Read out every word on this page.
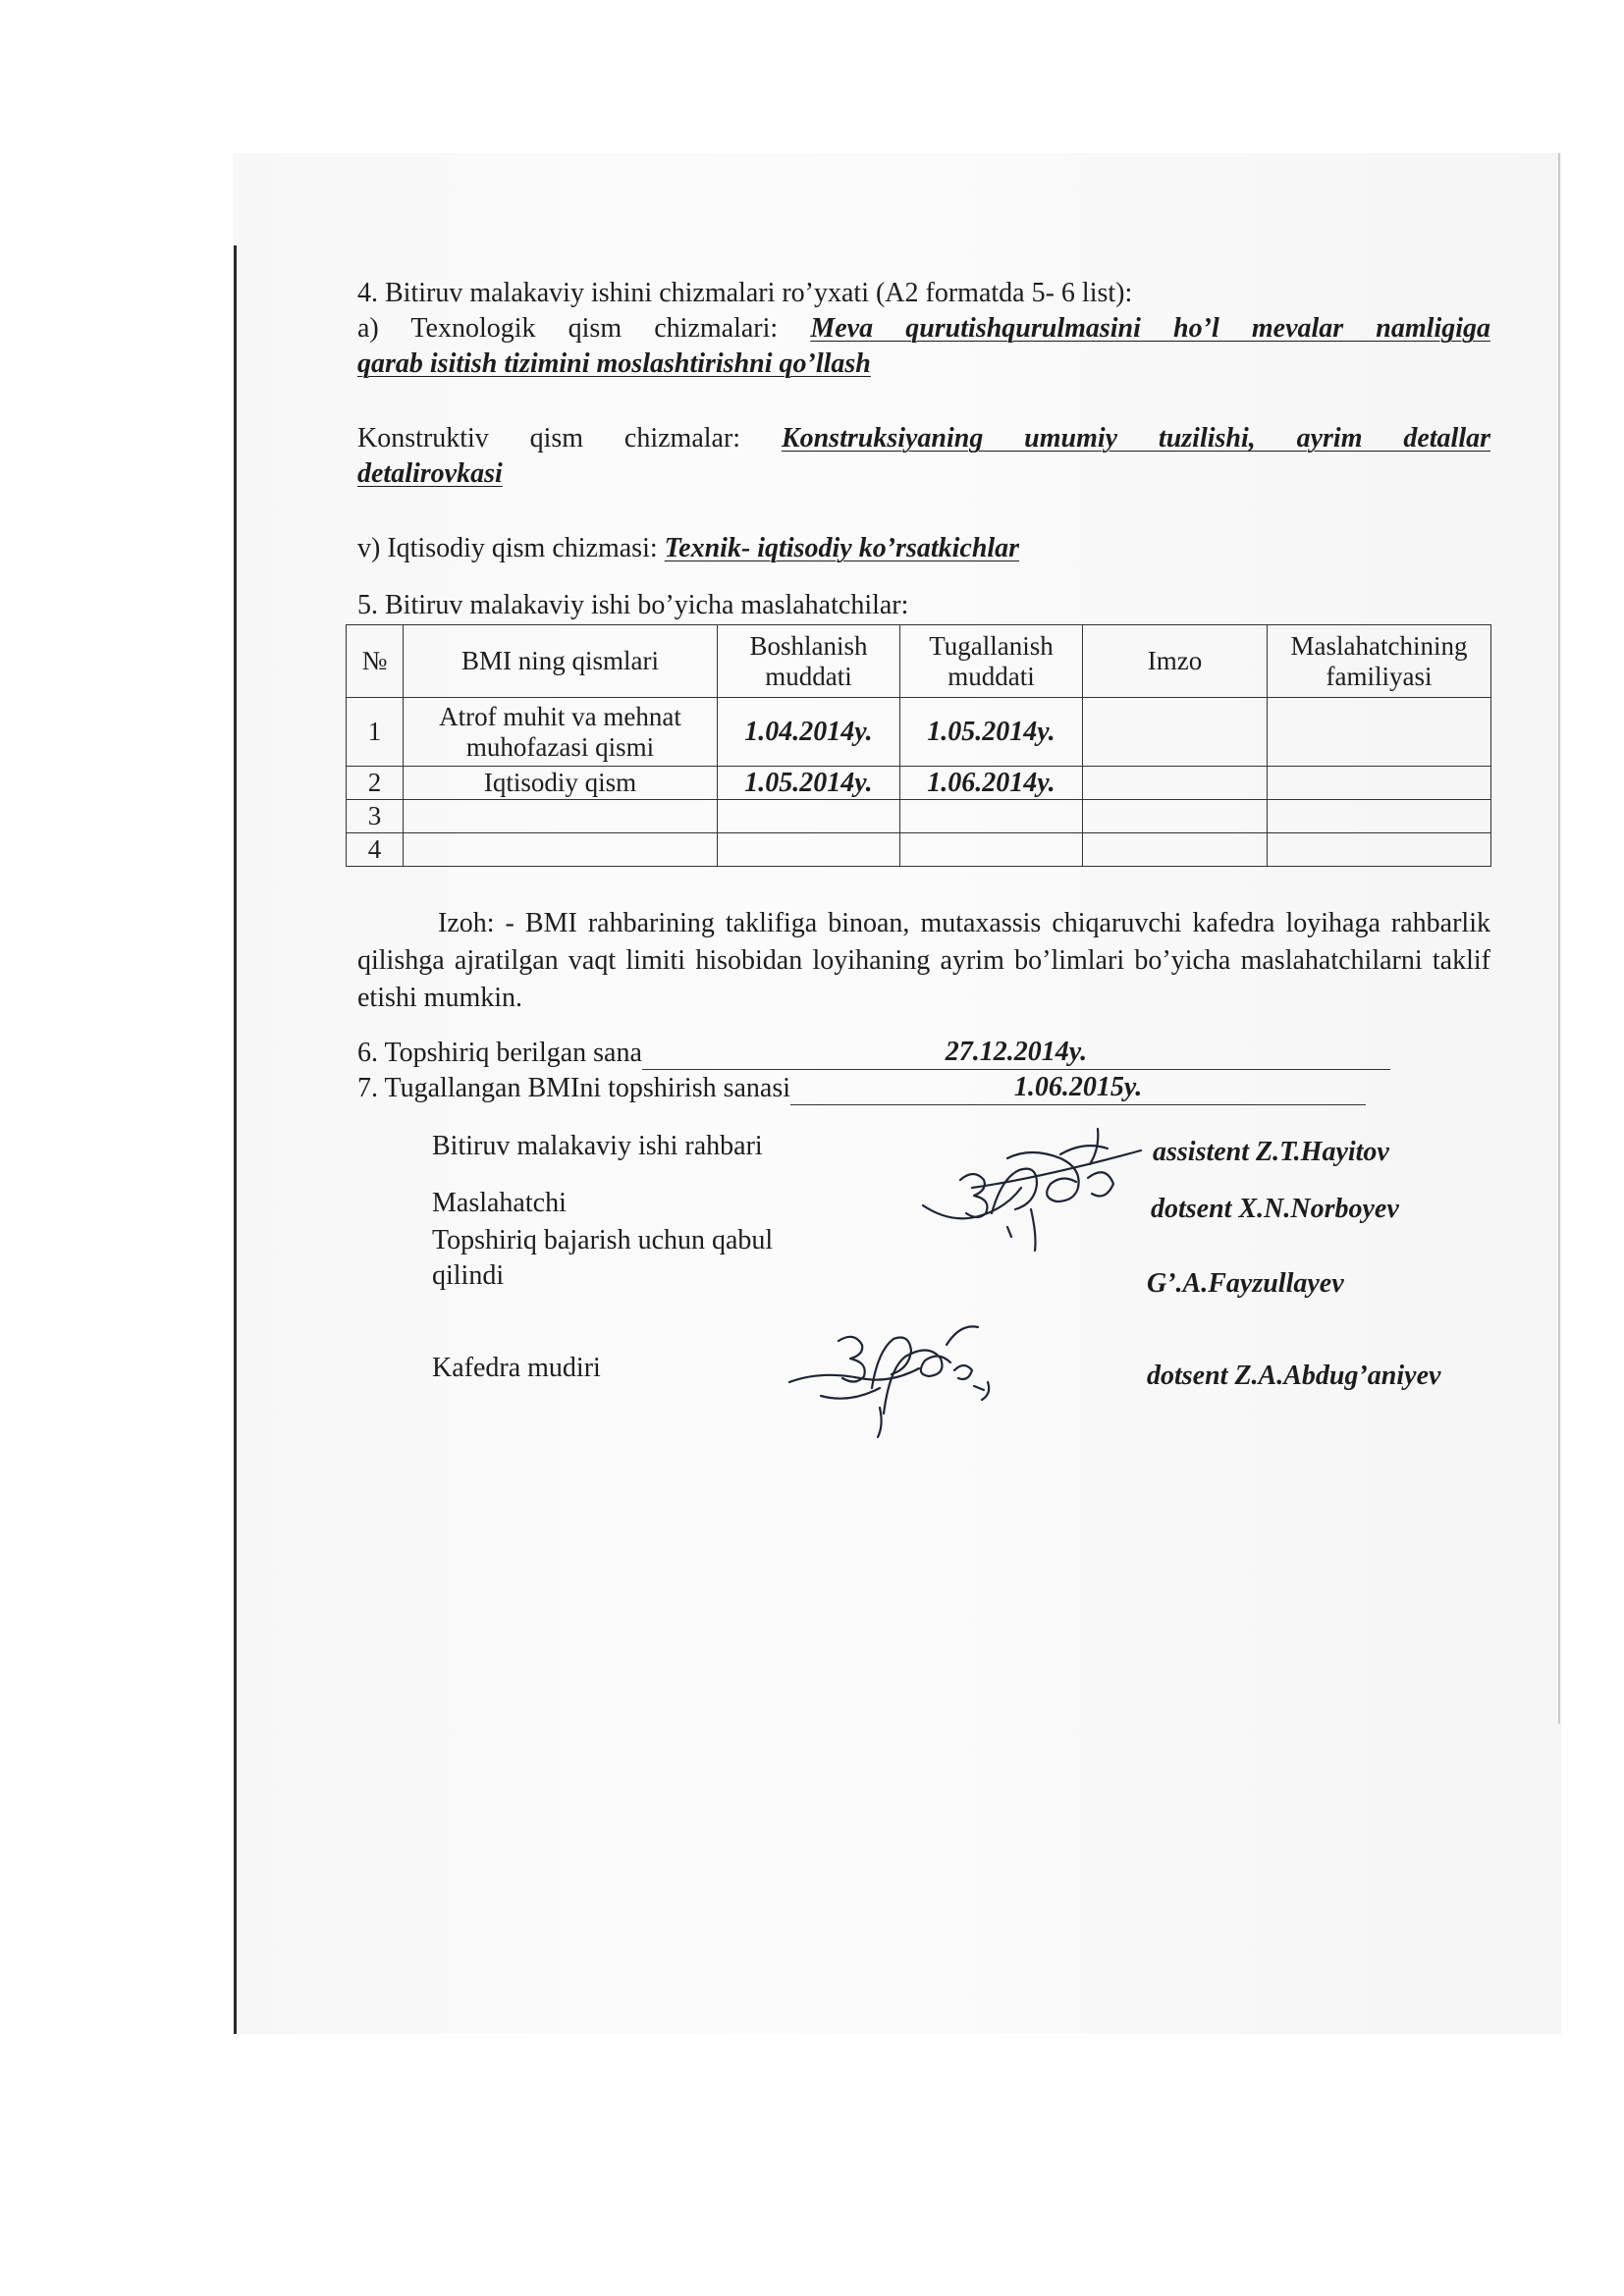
4. Bitiruv malakaviy ishini chizmalari ro’yxati (A2 formatda 5- 6 list):
a) Texnologik qism chizmalari: Meva qurutishqurulmasini ho’l mevalar namligiga
qarab isitish tizimini moslashtirishni qo’llash
Konstruktiv qism chizmalar: Konstruksiyaning umumiy tuzilishi, ayrim detallar
detalirovkasi
v) Iqtisodiy qism chizmasi: Texnik- iqtisodiy ko’rsatkichlar
5. Bitiruv malakaviy ishi bo’yicha maslahatchilar:
№	BMI ning qismlari	Boshlanish muddati	Tugallanish muddati	Imzo	Maslahatchining familiyasi
1	Atrof muhit va mehnat muhofazasi qismi	1.04.2014y.	1.05.2014y.		
2	Iqtisodiy qism	1.05.2014y.	1.06.2014y.		
3					
4					
Izoh: - BMI rahbarining taklifiga binoan, mutaxassis chiqaruvchi kafedra loyihaga rahbarlik qilishga ajratilgan vaqt limiti hisobidan loyihaning ayrim bo’limlari bo’yicha maslahatchilarni taklif etishi mumkin.
6. Topshiriq berilgan sana	27.12.2014y.
7. Tugallangan BMIni topshirish sanasi	1.06.2015y.
Bitiruv malakaviy ishi rahbari	assistent Z.T.Hayitov
Maslahatchi	dotsent X.N.Norboyev
Topshiriq bajarish uchun qabul
qilindi	G’.A.Fayzullayev
Kafedra mudiri	dotsent Z.A.Abdug’aniyev
